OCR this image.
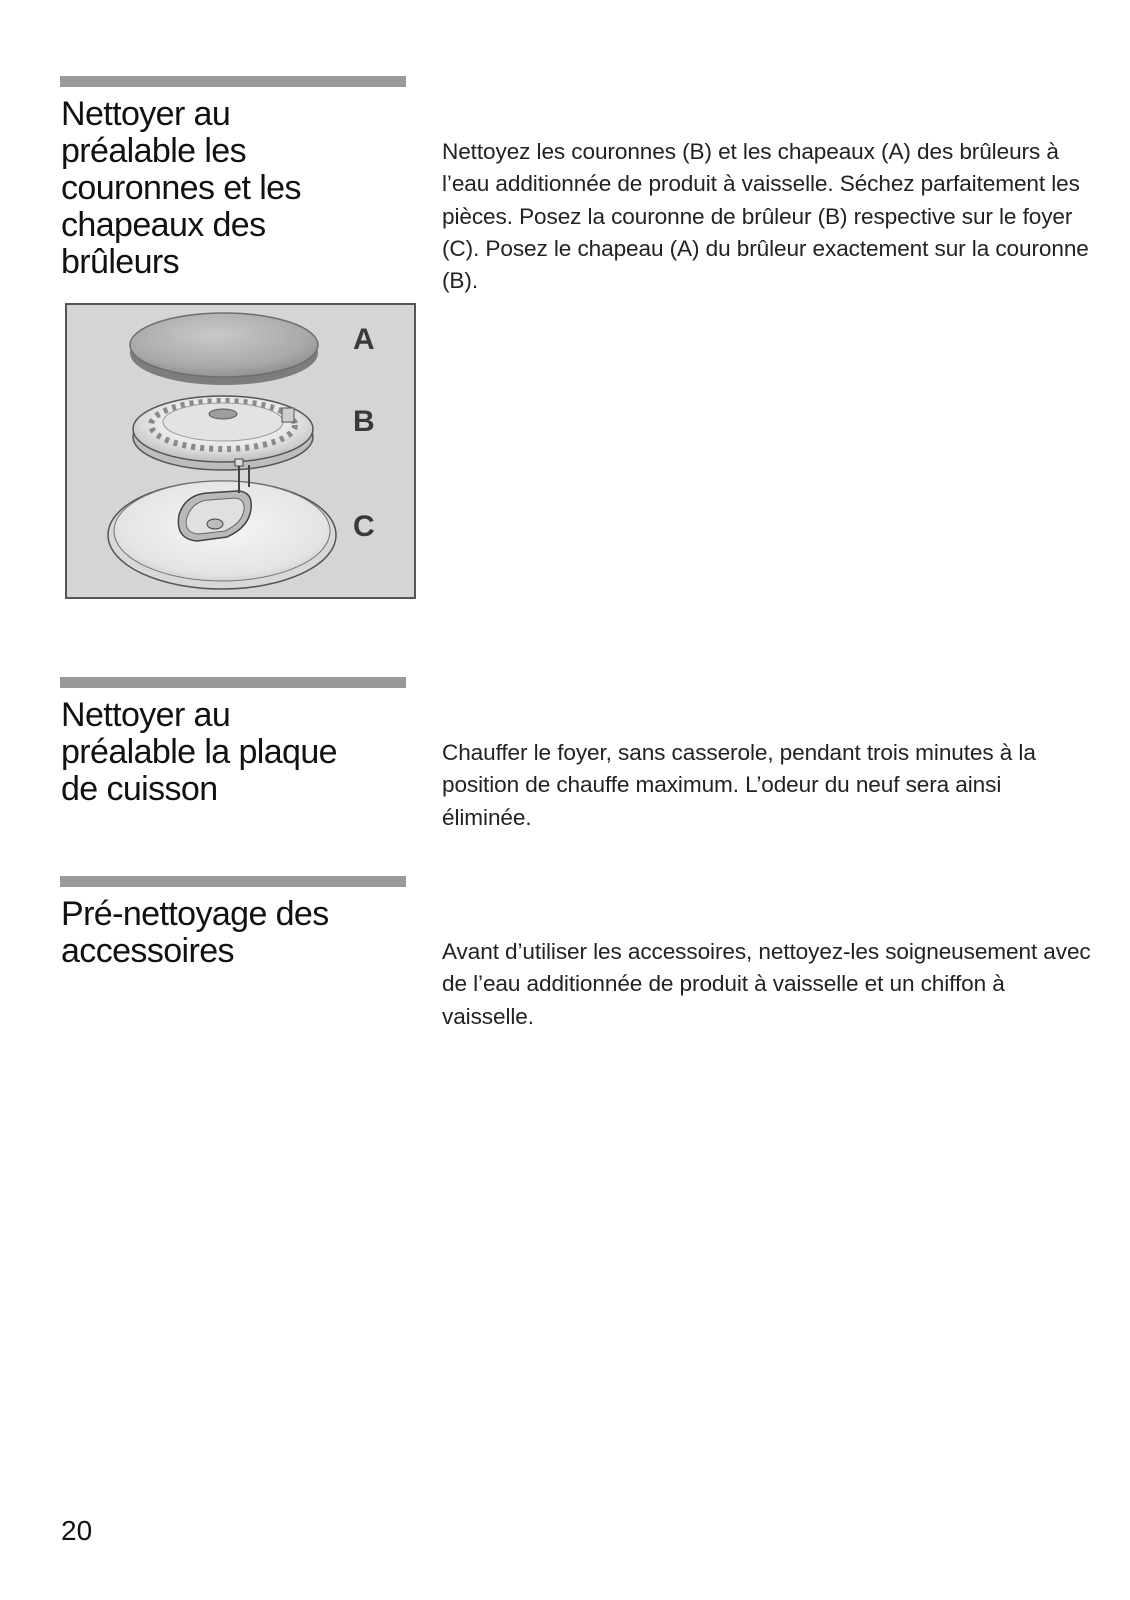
Nettoyer au
préalable les
couronnes et les
chapeaux des
brûleurs

Nettoyez les couronnes (B) et les chapeaux (A) des brûleurs à l’eau additionnée de produit à vaisselle. Séchez parfaitement les pièces. Posez la couronne de brûleur (B) respective sur le foyer (C). Posez le chapeau (A) du brûleur exactement sur la couronne (B).

A
B
C
Nettoyer au
préalable la plaque
de cuisson

Chauffer le foyer, sans casserole, pendant trois minutes à la position de chauffe maximum. L’odeur du neuf sera ainsi éliminée.

Pré-nettoyage des
accessoires	Avant d’utiliser les accessoires, nettoyez-les soigneusement avec de l’eau additionnée de produit à vaisselle et un chiffon à vaisselle.

20
